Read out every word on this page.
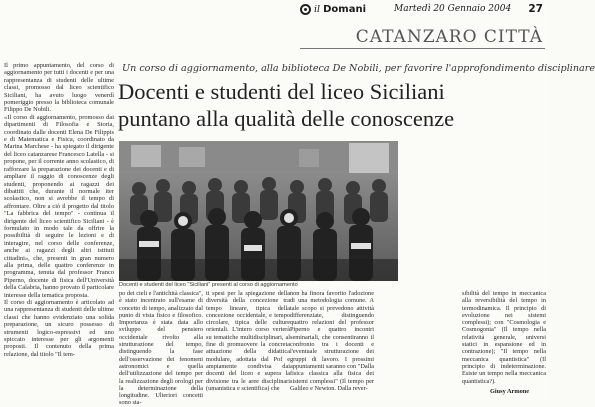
il Domani	Martedì 20 Gennaio 2004 27
CATANZARO CITTÀ
Un corso di aggiornamento, alla biblioteca De Nobili, per favorire l'approfondimento disciplinare
Docenti e studenti del liceo Siciliani
puntano alla qualità delle conoscenze
Il primo appuntamento, del corso di aggiornamento per tutti i docenti e per una rappresentanza di studenti delle ultime classi, promosso dal liceo scientifico Siciliani, ha avuto luogo venerdì pomeriggio presso la biblioteca comunale Filippo De Nobili.
«Il corso di aggiornamento, promosso dai dipartimenti di Filosofia e Storia, coordinato dalle docenti Elena De Filippis e di Matematica e Fisica, coordinato da Marina Marchese - ha spiegato il dirigente del liceo catanzarese Francesco Latella - si propone, per il corrente anno scolastico, di rafforzare la preparazione dei docenti e di ampliare il raggio di conoscenze degli studenti, proponendo ai ragazzi dei dibattiti che, durante il normale iter scolastico, non si avrebbe il tempo di affrontare. Oltre a ciò il progetto dal titolo "La fabbrica del tempo" - continua il dirigente del liceo scientifico Siciliani - è formulato in modo tale da offrire la possibilità di seguire le lezioni e di interagire, nel corso delle conferenze, anche ai ragazzi degli altri istituti cittadini», che, presenti in gran numero alla prima, delle quattro conferenze in programma, tenuta dal professor Franco Piperno, docente di fisica dell'Università della Calabria, hanno provato il particolare interesse della tematica proposta.
Il corso di aggiornamento è articolato ad una rappresentanza di studenti delle ultime classi che hanno evidenziato una solida preparazione, un sicuro possesso di strumenti logico-espressivi ed uno spiccato interesse per gli argomenti proposti. Il contenuto della prima relazione, dal titolo "Il tem-
Docenti e studenti del liceo "Siciliani" presenti al corso di aggiornamento
po dei cieli e l'antichità classica", è stato incentrato sull'esame di concetto di tempo, analizzato dal punto di vista fisico e filosofico. Importanza è stata data allo sviluppo del pensiero occidentale rivolto alla strutturazione del tempo, distinguendo la fase dell'osservazione dei fenomeni astronomici e quella dell'utilizzazione del tempo per la realizzazione degli orologi per la determinazione della longitudine. Ulteriori concetti sono sta-
ti spesi per la spiegazione della diversità della concezione tra tempo lineare, tipica della concezione occidentale, e tempo circolare, tipica delle culture orientali. L'intero corso verterà su tematiche multidisciplinari, al fine di promuovere la concreta attuazione della didattica modulare, adottata dal Pof e ampiamente condivisa dai docenti del liceo e supera la divisione tra le aree disciplinari (umanistica e scientifica) che
non ha finora favorito l'adozione di una metodologia comune. A tale scopo si prevedono attività differenziate, distinguendo quattro relazioni del professor Piperno e quattro incontri seminariali, che consentiranno il confronto tra i docenti e l'eventuale strutturazione dei gruppi di lavoro. I prossimi appuntamenti saranno con "Dalla fisica classica alla fisica dei sistemi complessi" (Il tempo per Galileo e Newton. Dalla rever-
sibilità del tempo in meccanica alla reversibilità del tempo in termodinamica. Il principio di evoluzione nei sistemi complessi); con "Cosmologia e Cosmogonia" (Il tempo nella relatività generale, universi statici in espansione ed in contrazione); "Il tempo nella meccanica quantistica" (Il principio di indeterminazione. Esiste un tempo nella meccanica quantistica?).
Giusy Armone
